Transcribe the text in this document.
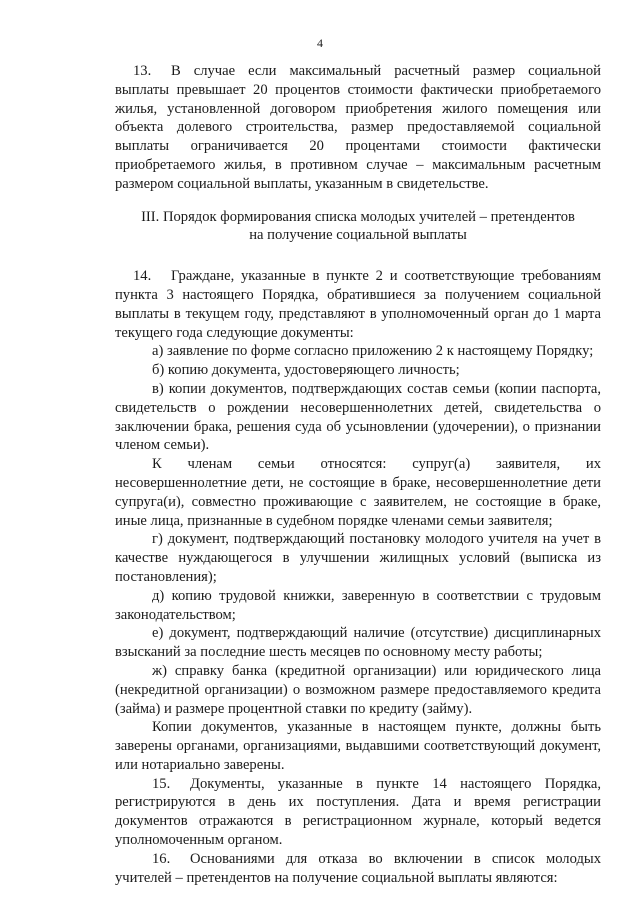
4

13. В случае если максимальный расчетный размер социальной выплаты превышает 20 процентов стоимости фактически приобретаемого жилья, установленной договором приобретения жилого помещения или объекта долевого строительства, размер предоставляемой социальной выплаты ограничивается 20 процентами стоимости фактически приобретаемого жилья, в противном случае – максимальным расчетным размером социальной выплаты, указанным в свидетельстве.

III. Порядок формирования списка молодых учителей – претендентов
на получение социальной выплаты

14. Граждане, указанные в пункте 2 и соответствующие требованиям пункта 3 настоящего Порядка, обратившиеся за получением социальной выплаты в текущем году, представляют в уполномоченный орган до 1 марта текущего года следующие документы:

а) заявление по форме согласно приложению 2 к настоящему Порядку;

б) копию документа, удостоверяющего личность;

в) копии документов, подтверждающих состав семьи (копии паспорта, свидетельств о рождении несовершеннолетних детей, свидетельства о заключении брака, решения суда об усыновлении (удочерении), о признании членом семьи).

К членам семьи относятся: супруг(а) заявителя, их несовершеннолетние дети, не состоящие в браке, несовершеннолетние дети супруга(и), совместно проживающие с заявителем, не состоящие в браке, иные лица, признанные в судебном порядке членами семьи заявителя;

г) документ, подтверждающий постановку молодого учителя на учет в качестве нуждающегося в улучшении жилищных условий (выписка из постановления);

д) копию трудовой книжки, заверенную в соответствии с трудовым законодательством;

е) документ, подтверждающий наличие (отсутствие) дисциплинарных взысканий за последние шесть месяцев по основному месту работы;

ж) справку банка (кредитной организации) или юридического лица (некредитной организации) о возможном размере предоставляемого кредита (займа) и размере процентной ставки по кредиту (займу).

Копии документов, указанные в настоящем пункте, должны быть заверены органами, организациями, выдавшими соответствующий документ, или нотариально заверены.

15. Документы, указанные в пункте 14 настоящего Порядка, регистрируются в день их поступления. Дата и время регистрации документов отражаются в регистрационном журнале, который ведется уполномоченным органом.

16. Основаниями для отказа во включении в список молодых учителей – претендентов на получение социальной выплаты являются:
